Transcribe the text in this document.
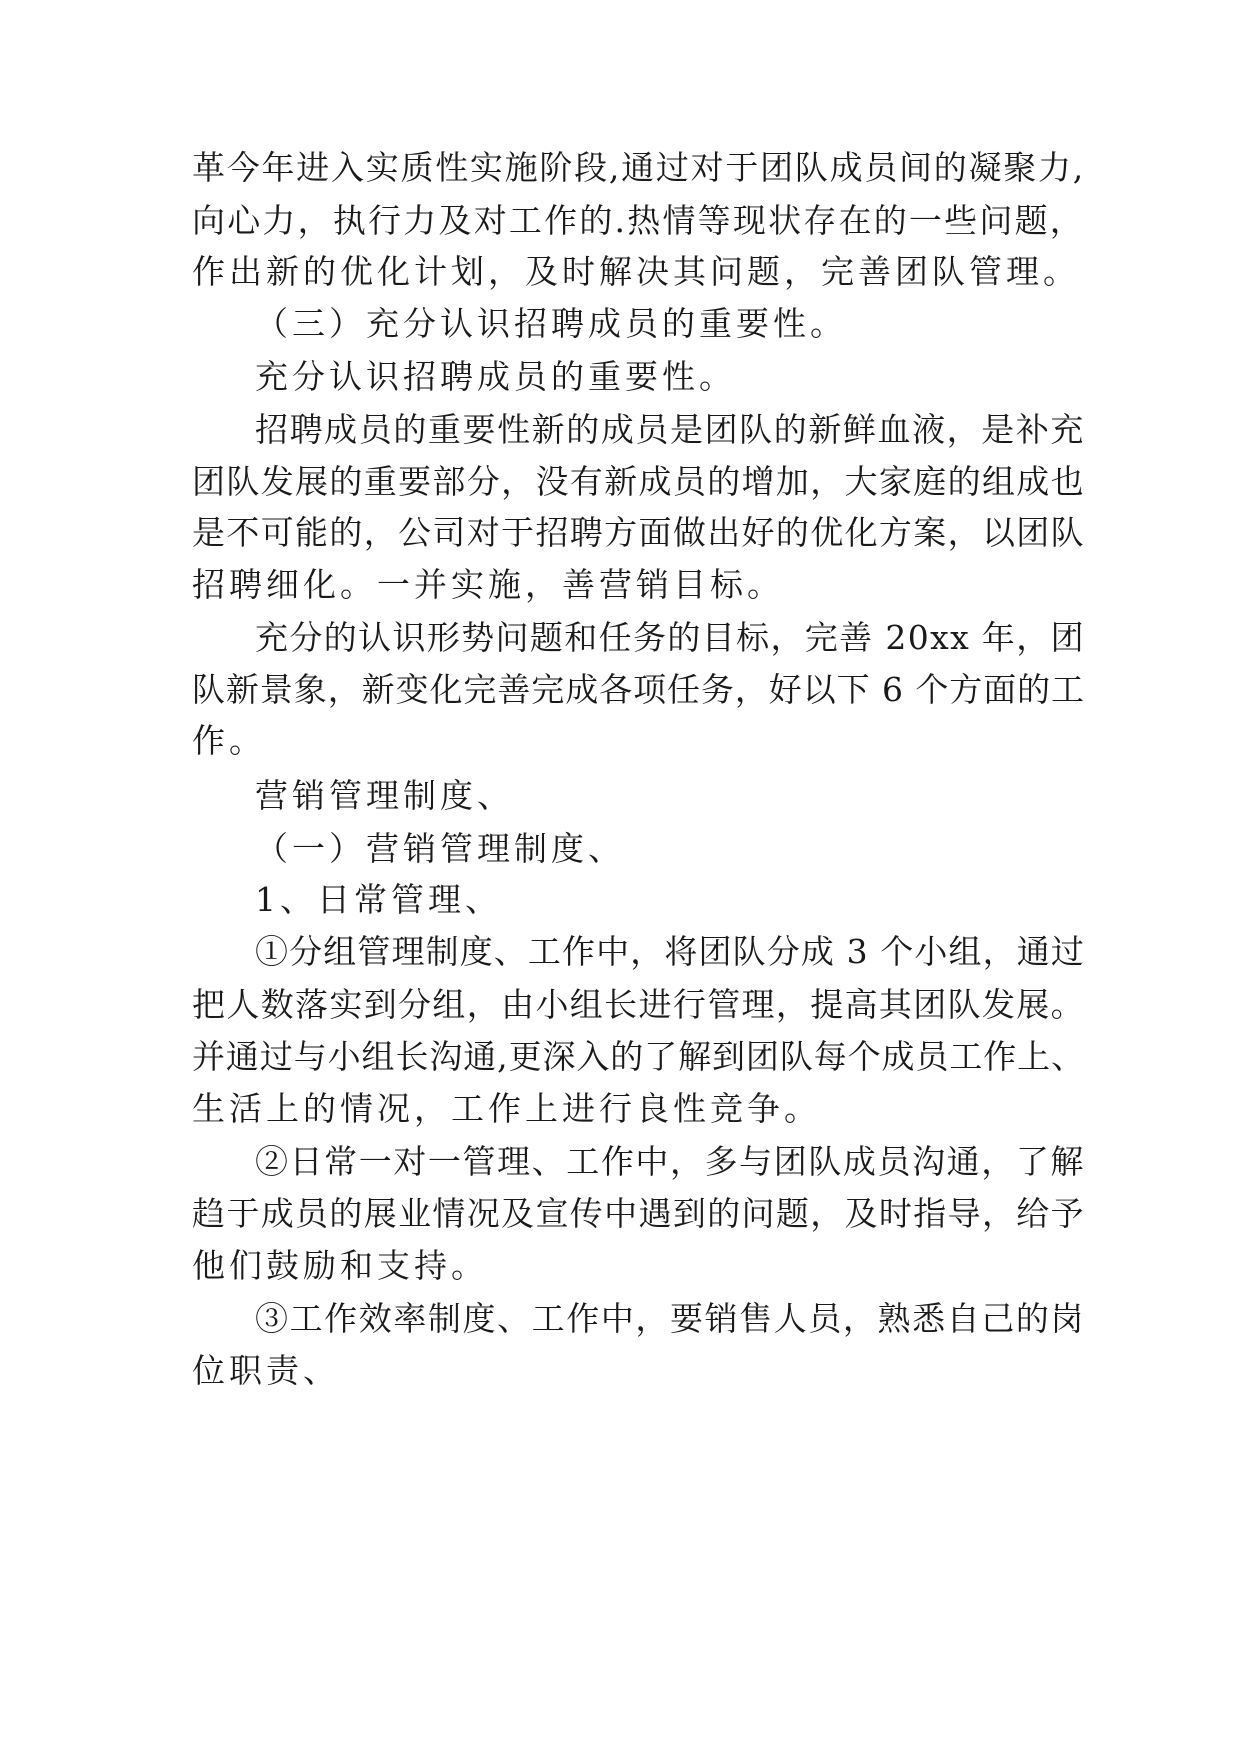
革今年进入实质性实施阶段,通过对于团队成员间的凝聚力,
向心力，执行力及对工作的.热情等现状存在的一些问题，
作出新的优化计划，及时解决其问题，完善团队管理。
（三）充分认识招聘成员的重要性。
充分认识招聘成员的重要性。
招聘成员的重要性新的成员是团队的新鲜血液，是补充
团队发展的重要部分，没有新成员的增加，大家庭的组成也
是不可能的，公司对于招聘方面做出好的优化方案，以团队
招聘细化。一并实施，善营销目标。
充分的认识形势问题和任务的目标，完善 20xx 年，团
队新景象，新变化完善完成各项任务，好以下 6 个方面的工
作。
营销管理制度、
（一）营销管理制度、
1、日常管理、
①分组管理制度、工作中，将团队分成 3 个小组，通过
把人数落实到分组，由小组长进行管理，提高其团队发展。
并通过与小组长沟通,更深入的了解到团队每个成员工作上、
生活上的情况，工作上进行良性竞争。
②日常一对一管理、工作中，多与团队成员沟通，了解
趋于成员的展业情况及宣传中遇到的问题，及时指导，给予
他们鼓励和支持。
③工作效率制度、工作中，要销售人员，熟悉自己的岗
位职责、
